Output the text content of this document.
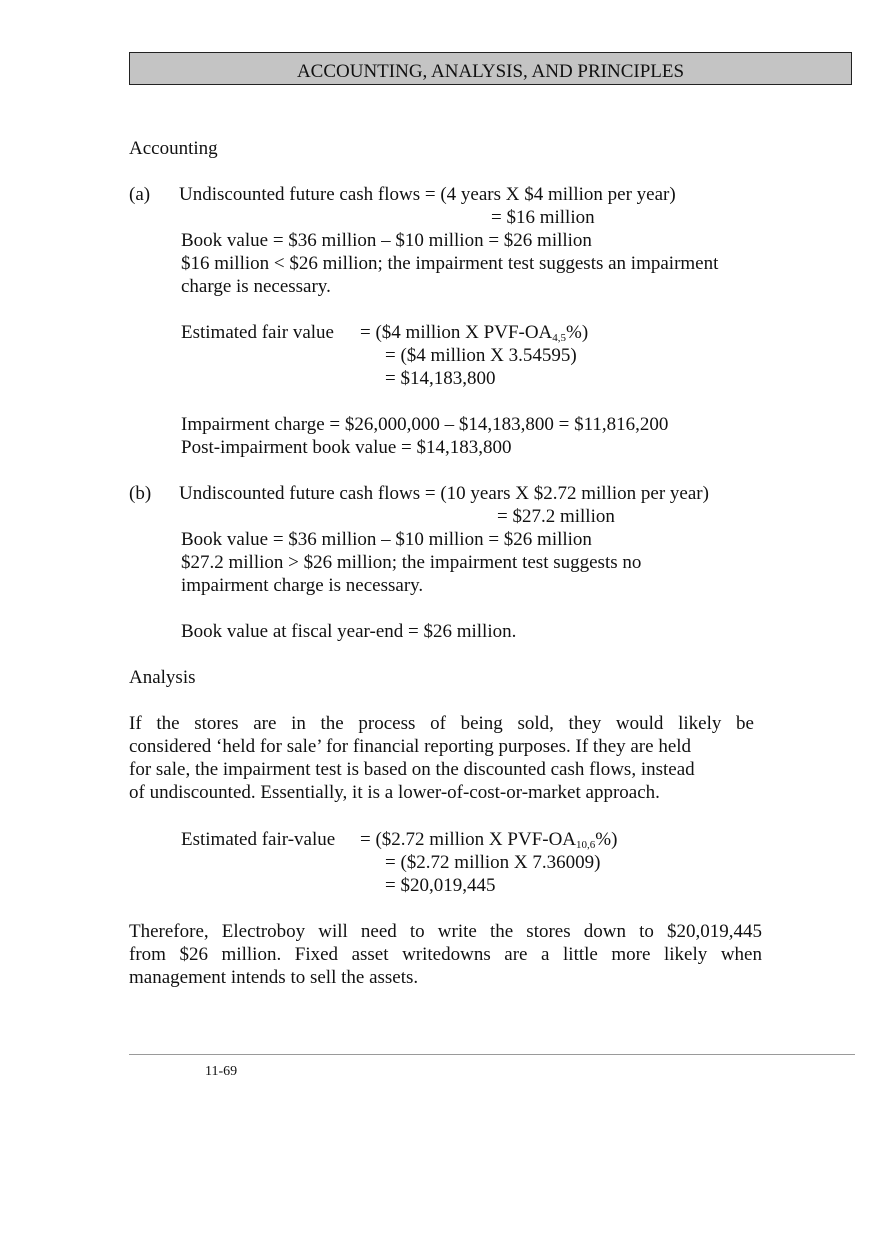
ACCOUNTING, ANALYSIS, AND PRINCIPLES
Accounting
(a) Undiscounted future cash flows = (4 years X $4 million per year)
= $16 million
Book value = $36 million – $10 million = $26 million
$16 million < $26 million; the impairment test suggests an impairment
charge is necessary.
Estimated fair value = ($4 million X PVF-$OA_{4,5}\%$)
= ($4 million X 3.54595)
= $14,183,800
Impairment charge = $26,000,000 – $14,183,800 = $11,816,200
Post-impairment book value = $14,183,800
(b) Undiscounted future cash flows = (10 years X $2.72 million per year)
= $27.2 million
Book value = $36 million – $10 million = $26 million
$27.2 million > $26 million; the impairment test suggests no
impairment charge is necessary.
Book value at fiscal year-end = $26 million.
Analysis
If the stores are in the process of being sold, they would likely be
considered ‘held for sale’ for financial reporting purposes. If they are held
for sale, the impairment test is based on the discounted cash flows, instead
of undiscounted. Essentially, it is a lower-of-cost-or-market approach.
Estimated fair-value = ($2.72 million X PVF-$OA_{10,6}\%$)
= ($2.72 million X 7.36009)
= $20,019,445
Therefore, Electroboy will need to write the stores down to $20,019,445
from $26 million. Fixed asset writedowns are a little more likely when
management intends to sell the assets.
11-69
